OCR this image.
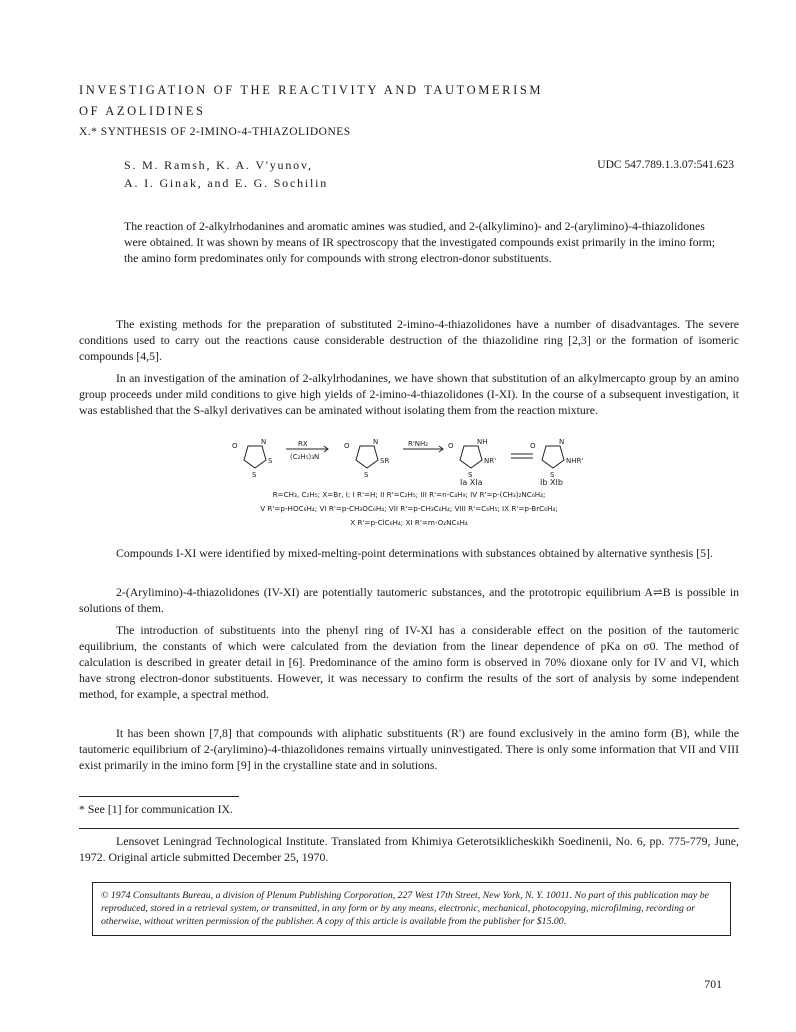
INVESTIGATION OF THE REACTIVITY AND TAUTOMERISM
OF AZOLIDINES
X.* SYNTHESIS OF 2-IMINO-4-THIAZOLIDONES
S. M. Ramsh, K. A. V'yunov,
A. I. Ginak, and E. G. Sochilin
UDC 547.789.1.3.07:541.623
The reaction of 2-alkylrhodanines and aromatic amines was studied, and 2-(alkylimino)- and 2-(arylimino)-4-thiazolidones were obtained. It was shown by means of IR spectroscopy that the investigated compounds exist primarily in the imino form; the amino form predominates only for compounds with strong electron-donor substituents.

The existing methods for the preparation of substituted 2-imino-4-thiazolidones have a number of disadvantages. The severe conditions used to carry out the reactions cause considerable destruction of the thiazolidine ring [2,3] or the formation of isomeric compounds [4,5].

In an investigation of the amination of 2-alkylrhodanines, we have shown that substitution of an alkylmercapto group by an amino group proceeds under mild conditions to give high yields of 2-imino-4-thiazolidones (I-XI). In the course of a subsequent investigation, it was established that the S-alkyl derivatives can be aminated without isolating them from the reaction mixture.

O	N
S
S
RX
(C₂H₅)₃N
O	N
S
SR
R'NH₂	O	NH
S
NR'
O	N
S
NHR'
Ia XIa	Ib XIb
R=CH₃, C₂H₅; X=Br, I; I R'=H; II R'=C₂H₅; III R'=n-C₄H₉; IV R'=p-(CH₃)₂NC₆H₄;
V R'=p-HOC₆H₄; VI R'=p-CH₃OC₆H₄; VII R'=p-CH₃C₆H₄; VIII R'=C₆H₅; IX R'=p-BrC₆H₄;
X R'=p-ClC₆H₄; XI R'=m-O₂NC₆H₄

Compounds I-XI were identified by mixed-melting-point determinations with substances obtained by alternative synthesis [5].

2-(Arylimino)-4-thiazolidones (IV-XI) are potentially tautomeric substances, and the prototropic equilibrium A⇌B is possible in solutions of them.

The introduction of substituents into the phenyl ring of IV-XI has a considerable effect on the position of the tautomeric equilibrium, the constants of which were calculated from the deviation from the linear dependence of pKa on σ0. The method of calculation is described in greater detail in [6]. Predominance of the amino form is observed in 70% dioxane only for IV and VI, which have strong electron-donor substituents. However, it was necessary to confirm the results of the sort of analysis by some independent method, for example, a spectral method.

It has been shown [7,8] that compounds with aliphatic substituents (R') are found exclusively in the amino form (B), while the tautomeric equilibrium of 2-(arylimino)-4-thiazolidones remains virtually uninvestigated. There is only some information that VII and VIII exist primarily in the imino form [9] in the crystalline state and in solutions.

* See [1] for communication IX.
Lensovet Leningrad Technological Institute. Translated from Khimiya Geterotsiklicheskikh Soedinenii, No. 6, pp. 775-779, June, 1972. Original article submitted December 25, 1970.
© 1974 Consultants Bureau, a division of Plenum Publishing Corporation, 227 West 17th Street, New York, N. Y. 10011. No part of this publication may be reproduced, stored in a retrieval system, or transmitted, in any form or by any means, electronic, mechanical, photocopying, microfilming, recording or otherwise, without written permission of the publisher. A copy of this article is available from the publisher for $15.00.
701
